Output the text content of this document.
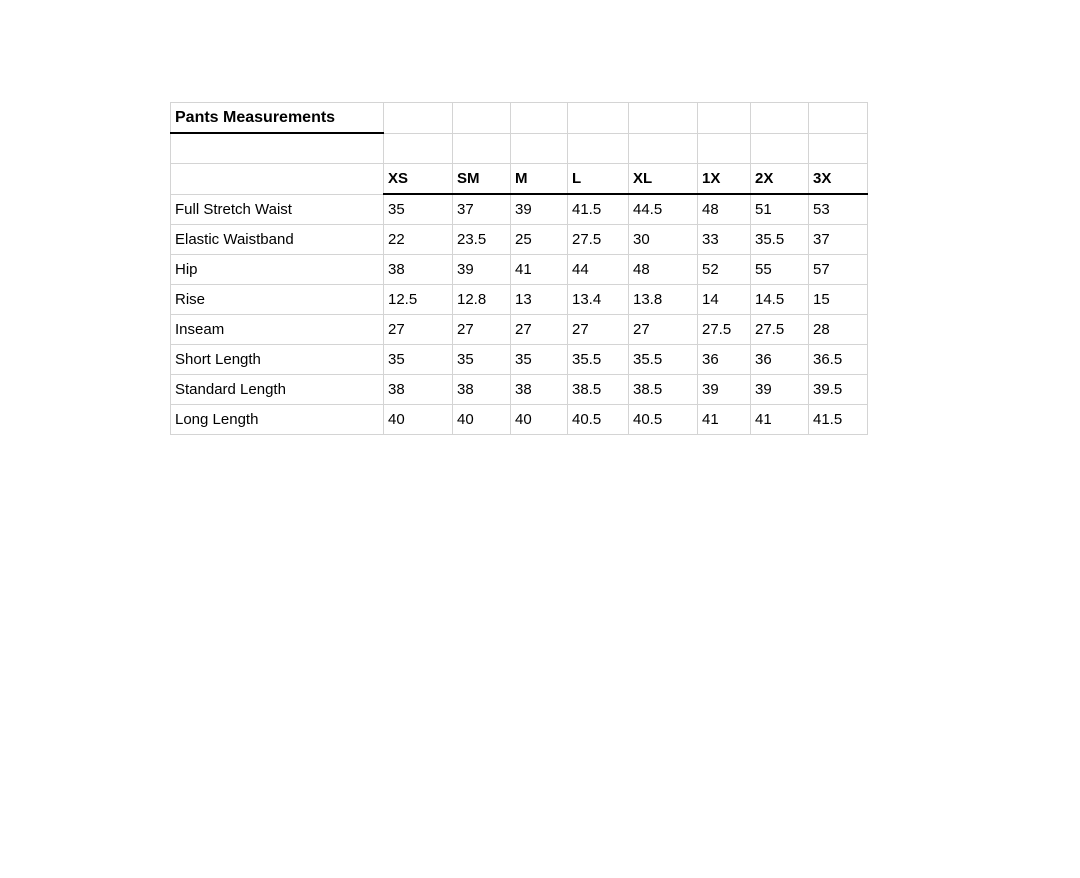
Pants Measurements								

	XS	SM	M	L	XL	1X	2X	3X
Full Stretch Waist	35	37	39	41.5	44.5	48	51	53
Elastic Waistband	22	23.5	25	27.5	30	33	35.5	37
Hip	38	39	41	44	48	52	55	57
Rise	12.5	12.8	13	13.4	13.8	14	14.5	15
Inseam	27	27	27	27	27	27.5	27.5	28
Short Length	35	35	35	35.5	35.5	36	36	36.5
Standard Length	38	38	38	38.5	38.5	39	39	39.5
Long Length	40	40	40	40.5	40.5	41	41	41.5
